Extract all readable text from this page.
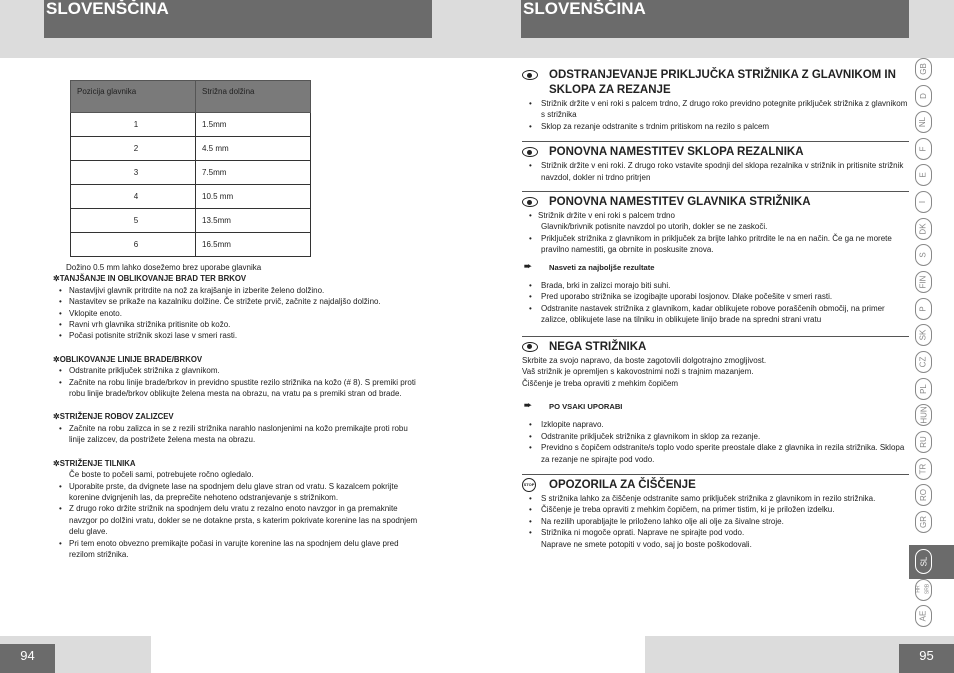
SLOVENŠČINA	SLOVENŠČINA
94	95
Pozicija glavnika	Strižna dolžina
1	1.5mm
2	4.5 mm
3	7.5mm
4	10.5 mm
5	13.5mm
6	16.5mm
Dožino 0.5 mm lahko dosežemo brez uporabe glavnika
✲TANJŠANJE IN OBLIKOVANJE BRAD TER BRKOV
• Nastavljivi glavnik pritrdite na nož za krajšanje in izberite želeno dolžino.
• Nastavitev se prikaže na kazalniku dolžine. Če strižete prvič, začnite z najdaljšo dolžino.
• Vklopite enoto.
• Ravni vrh glavnika strižnika pritisnite ob kožo.
• Počasi potisnite strižnik skozi lase v smeri rasti.
✲OBLIKOVANJE LINIJE BRADE/BRKOV
• Odstranite priključek strižnika z glavnikom.
• Začnite na robu linije brade/brkov in previdno spustite rezilo strižnika na kožo (# 8). S premiki proti robu linije brade/brkov oblikujte želena mesta na obrazu, na vratu pa s premiki stran od brade.
✲STRIŽENJE ROBOV ZALIZCEV
• Začnite na robu zalizca in se z rezili strižnika narahlo naslonjenimi na kožo premikajte proti robu linije zalizcev, da postrižete želena mesta na obrazu.
✲STRIŽENJE TILNIKA
Če boste to počeli sami, potrebujete ročno ogledalo.
• Uporabite prste, da dvignete lase na spodnjem delu glave stran od vratu. S kazalcem pokrijte korenine dvignjenih las, da preprečite nehoteno odstranjevanje s strižnikom.
• Z drugo roko držite strižnik na spodnjem delu vratu z rezalno enoto navzgor in ga premaknite navzgor po dolžini vratu, dokler se ne dotakne prsta, s katerim pokrivate korenine las na spodnjem delu glave.
• Pri tem enoto obvezno premikajte počasi in varujte korenine las na spodnjem delu glave pred rezilom strižnika.
ODSTRANJEVANJE PRIKLJUČKA STRIŽNIKA Z GLAVNIKOM IN SKLOPA ZA REZANJE
• Strižnik držite v eni roki s palcem trdno, Z drugo roko previdno potegnite priključek strižnika z glavnikom s strižnika
• Sklop za rezanje odstranite s trdnim pritiskom na rezilo s palcem
PONOVNA NAMESTITEV SKLOPA REZALNIKA
• Strižnik držite v eni roki. Z drugo roko vstavite spodnji del sklopa rezalnika v strižnik in pritisnite strižnik navzdol, dokler ni trdno pritrjen
PONOVNA NAMESTITEV GLAVNIKA STRIŽNIKA
• Strižnik držite v eni roki s palcem trdno
Glavnik/brivnik potisnite navzdol po utorih, dokler se ne zaskoči.
• Priključek strižnika z glavnikom in priključek za brijte lahko pritrdite le na en način. Če ga ne morete pravilno namestiti, ga obrnite in poskusite znova.
➨ Nasveti za najboljše rezultate
• Brada, brki in zalizci morajo biti suhi.
• Pred uporabo strižnika se izogibajte uporabi losjonov. Dlake počešite v smeri rasti.
• Odstranite nastavek strižnika z glavnikom, kadar oblikujete robove poraščenih območij, na primer zalizce, oblikujete lase na tilniku in oblikujete linijo brade na spredni strani vratu
NEGA STRIŽNIKA
Skrbite za svojo napravo, da boste zagotovili dolgotrajno zmogljivost.
Vaš strižnik je opremljen s kakovostnimi noži s trajnim mazanjem.
Čiščenje je treba opraviti z mehkim čopičem
➨ PO VSAKI UPORABI
• Izklopite napravo.
• Odstranite priključek strižnika z glavnikom in sklop za rezanje.
• Previdno s čopičem odstranite/s toplo vodo sperite preostale dlake z glavnika in rezila strižnika. Sklopa za rezanje ne spirajte pod vodo.
STOP OPOZORILA ZA ČIŠČENJE
• S strižnika lahko za čiščenje odstranite samo priključek strižnika z glavnikom in rezilo strižnika.
• Čiščenje je treba opraviti z mehkim čopičem, na primer tistim, ki je priložen izdelku.
• Na rezilih uporabljajte le priloženo lahko olje ali olje za šivalne stroje.
• Strižnika ni mogoče oprati. Naprave ne spirajte pod vodo.
Naprave ne smete potopiti v vodo, saj jo boste poškodovali.
GB
D
NL
F
E
I
DK
S
FIN
P
SK
CZ
PL
HUN
RU
TR
RO
GR
SL
HR SRB
AE
